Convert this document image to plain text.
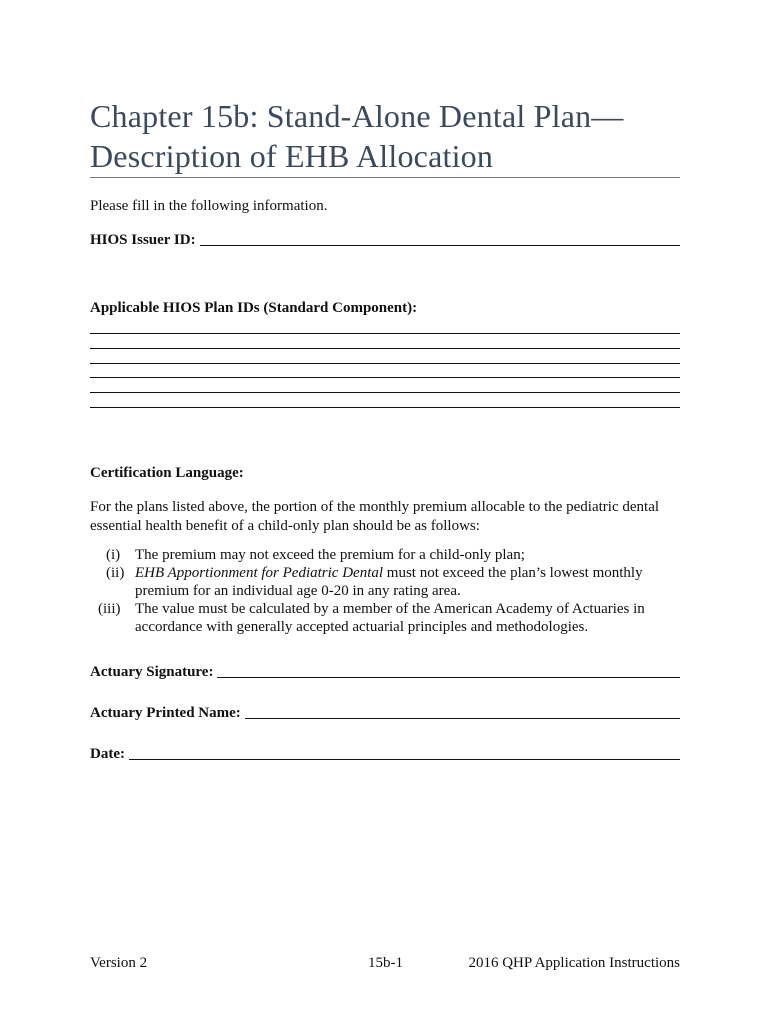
Chapter 15b: Stand-Alone Dental Plan—
Description of EHB Allocation

Please fill in the following information.

HIOS Issuer ID:

Applicable HIOS Plan IDs (Standard Component):

Certification Language:

For the plans listed above, the portion of the monthly premium allocable to the pediatric dental essential health benefit of a child-only plan should be as follows:

(i) The premium may not exceed the premium for a child-only plan;
(ii) EHB Apportionment for Pediatric Dental must not exceed the plan’s lowest monthly premium for an individual age 0-20 in any rating area.
(iii) The value must be calculated by a member of the American Academy of Actuaries in accordance with generally accepted actuarial principles and methodologies.
Actuary Signature:
Actuary Printed Name:
Date:
Version 2	15b-1	2016 QHP Application Instructions
